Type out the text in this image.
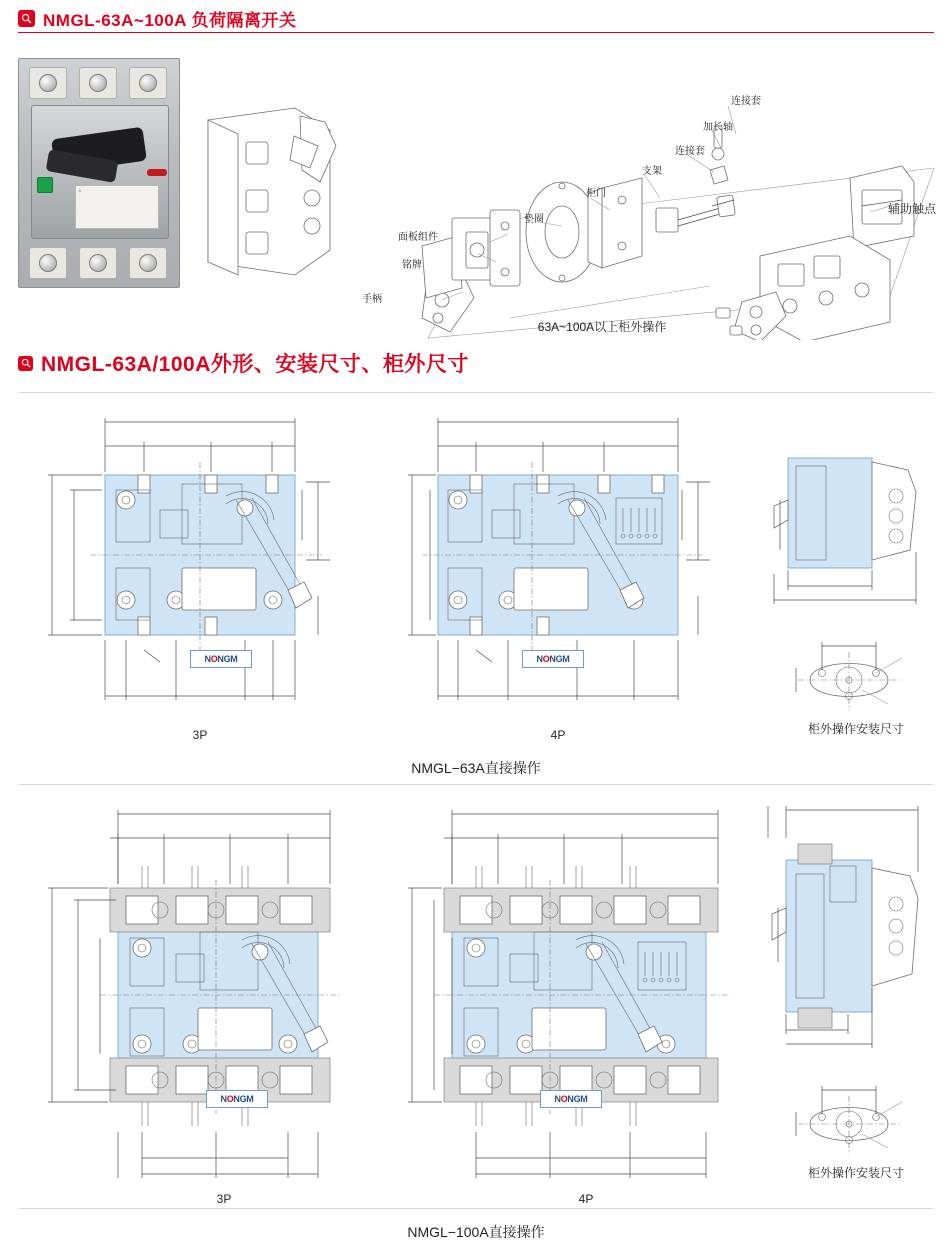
NMGL-63A~100A 负荷隔离开关
⚠
连接套
加长轴
连接套
支架
柜门
垫圈
面板组件
铭牌
手柄
辅助触点
63A~100A以上柜外操作
NMGL-63A/100A外形、安装尺寸、柜外尺寸
N O NGM
3P
N O NGM
4P	柜外操作安装尺寸
NMGL−63A直接操作
N O NGM
3P
N O NGM
4P
柜外操作安装尺寸
NMGL−100A直接操作
